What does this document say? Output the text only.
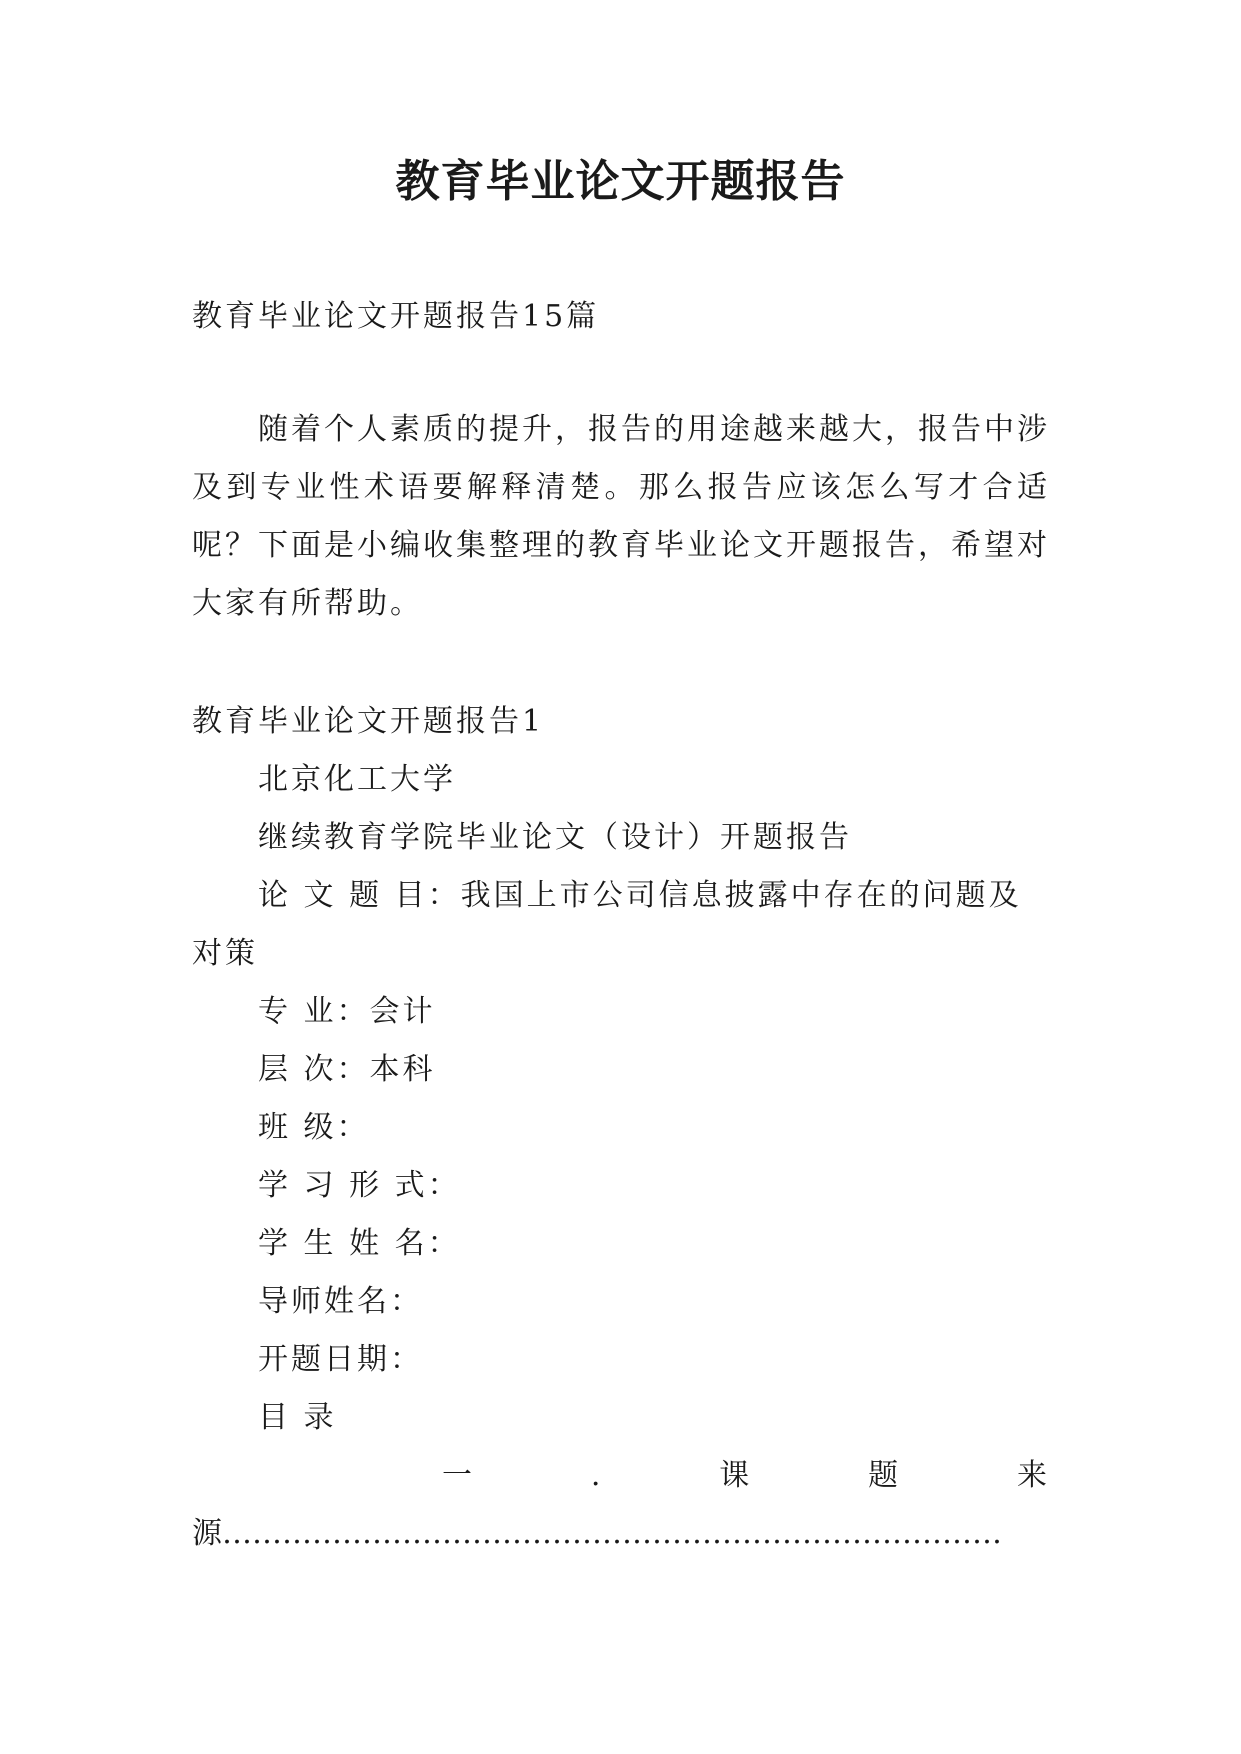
教育毕业论文开题报告

教育毕业论文开题报告15篇

随着个人素质的提升，报告的用途越来越大，报告中涉及到专业性术语要解释清楚。那么报告应该怎么写才合适呢？下面是小编收集整理的教育毕业论文开题报告，希望对大家有所帮助。

教育毕业论文开题报告1
北京化工大学
继续教育学院毕业论文（设计）开题报告
论 文 题 目：我国上市公司信息披露中存在的问题及对策
专 业：会计
层 次：本科
班 级：
学 习 形 式：
学 生 姓 名：
导师姓名：
开题日期：
目 录
一	.	课	题	来
源……………………………………………………………………
